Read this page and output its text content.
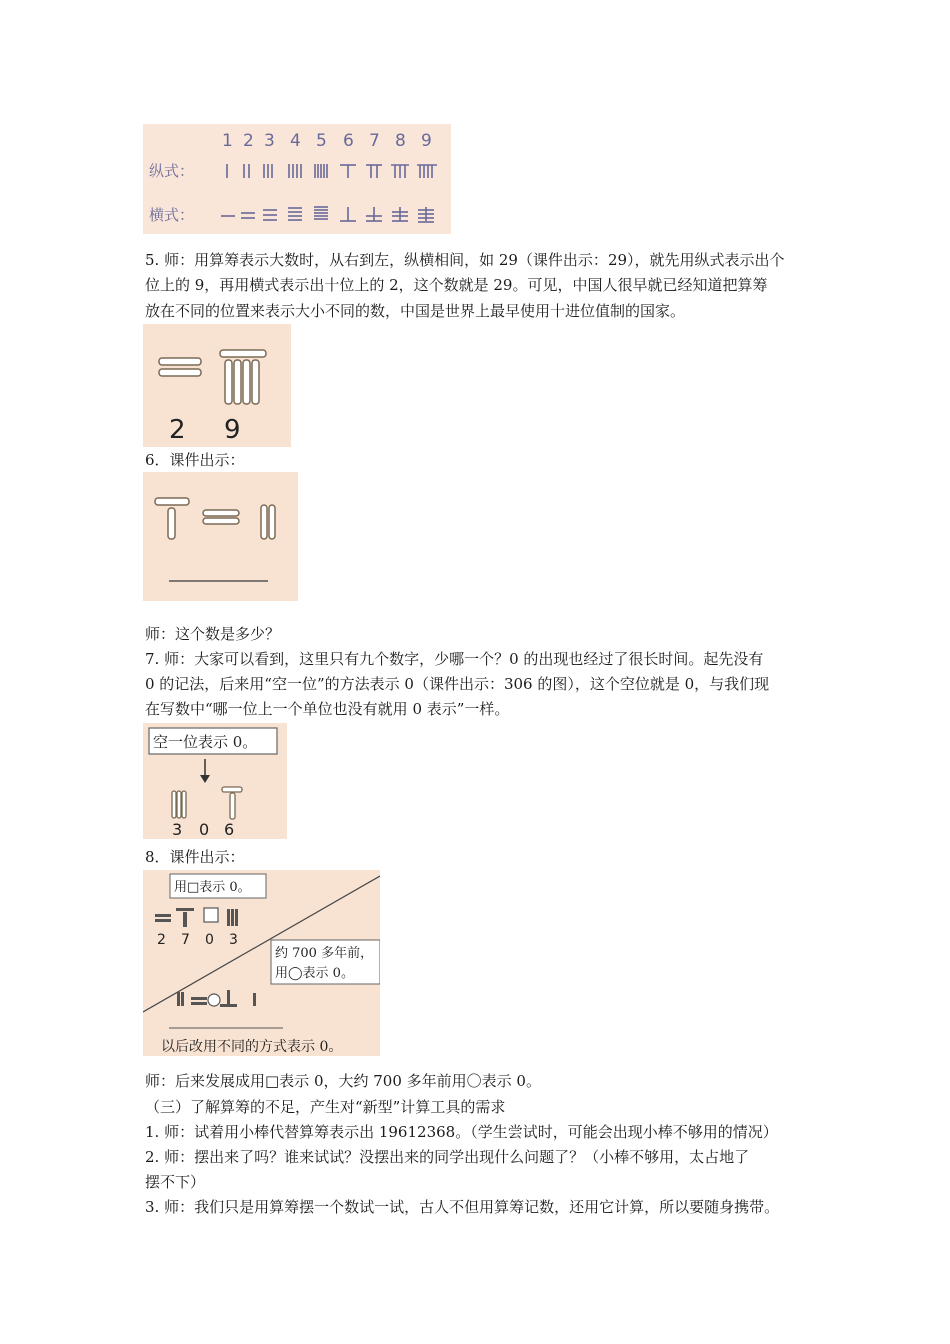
1 2 3 4 5 6 7 8 9
纵式：
横式：
5. 师：用算筹表示大数时，从右到左，纵横相间，如 29（课件出示：29），就先用纵式表示出个
位上的 9，再用横式表示出十位上的 2，这个数就是 29。可见，中国人很早就已经知道把算筹
放在不同的位置来表示大小不同的数，中国是世界上最早使用十进位值制的国家。
2 9
6．课件出示：
师：这个数是多少？
7. 师：大家可以看到，这里只有九个数字，少哪一个？0 的出现也经过了很长时间。起先没有
0 的记法，后来用“空一位”的方法表示 0（课件出示：306 的图），这个空位就是 0，与我们现
在写数中“哪一位上一个单位也没有就用 0 表示”一样。
空一位表示 0。
3 0 6
8．课件出示：
用□表示 0。
2 7 0 3
约 700 多年前，
用◯表示 0。
以后改用不同的方式表示 0。
师：后来发展成用□表示 0，大约 700 多年前用〇表示 0。
（三）了解算筹的不足，产生对“新型”计算工具的需求
1. 师：试着用小棒代替算筹表示出 19612368。（学生尝试时，可能会出现小棒不够用的情况）
2. 师：摆出来了吗？谁来试试？没摆出来的同学出现什么问题了？（小棒不够用，太占地了
摆不下）
3. 师：我们只是用算筹摆一个数试一试，古人不但用算筹记数，还用它计算，所以要随身携带。
